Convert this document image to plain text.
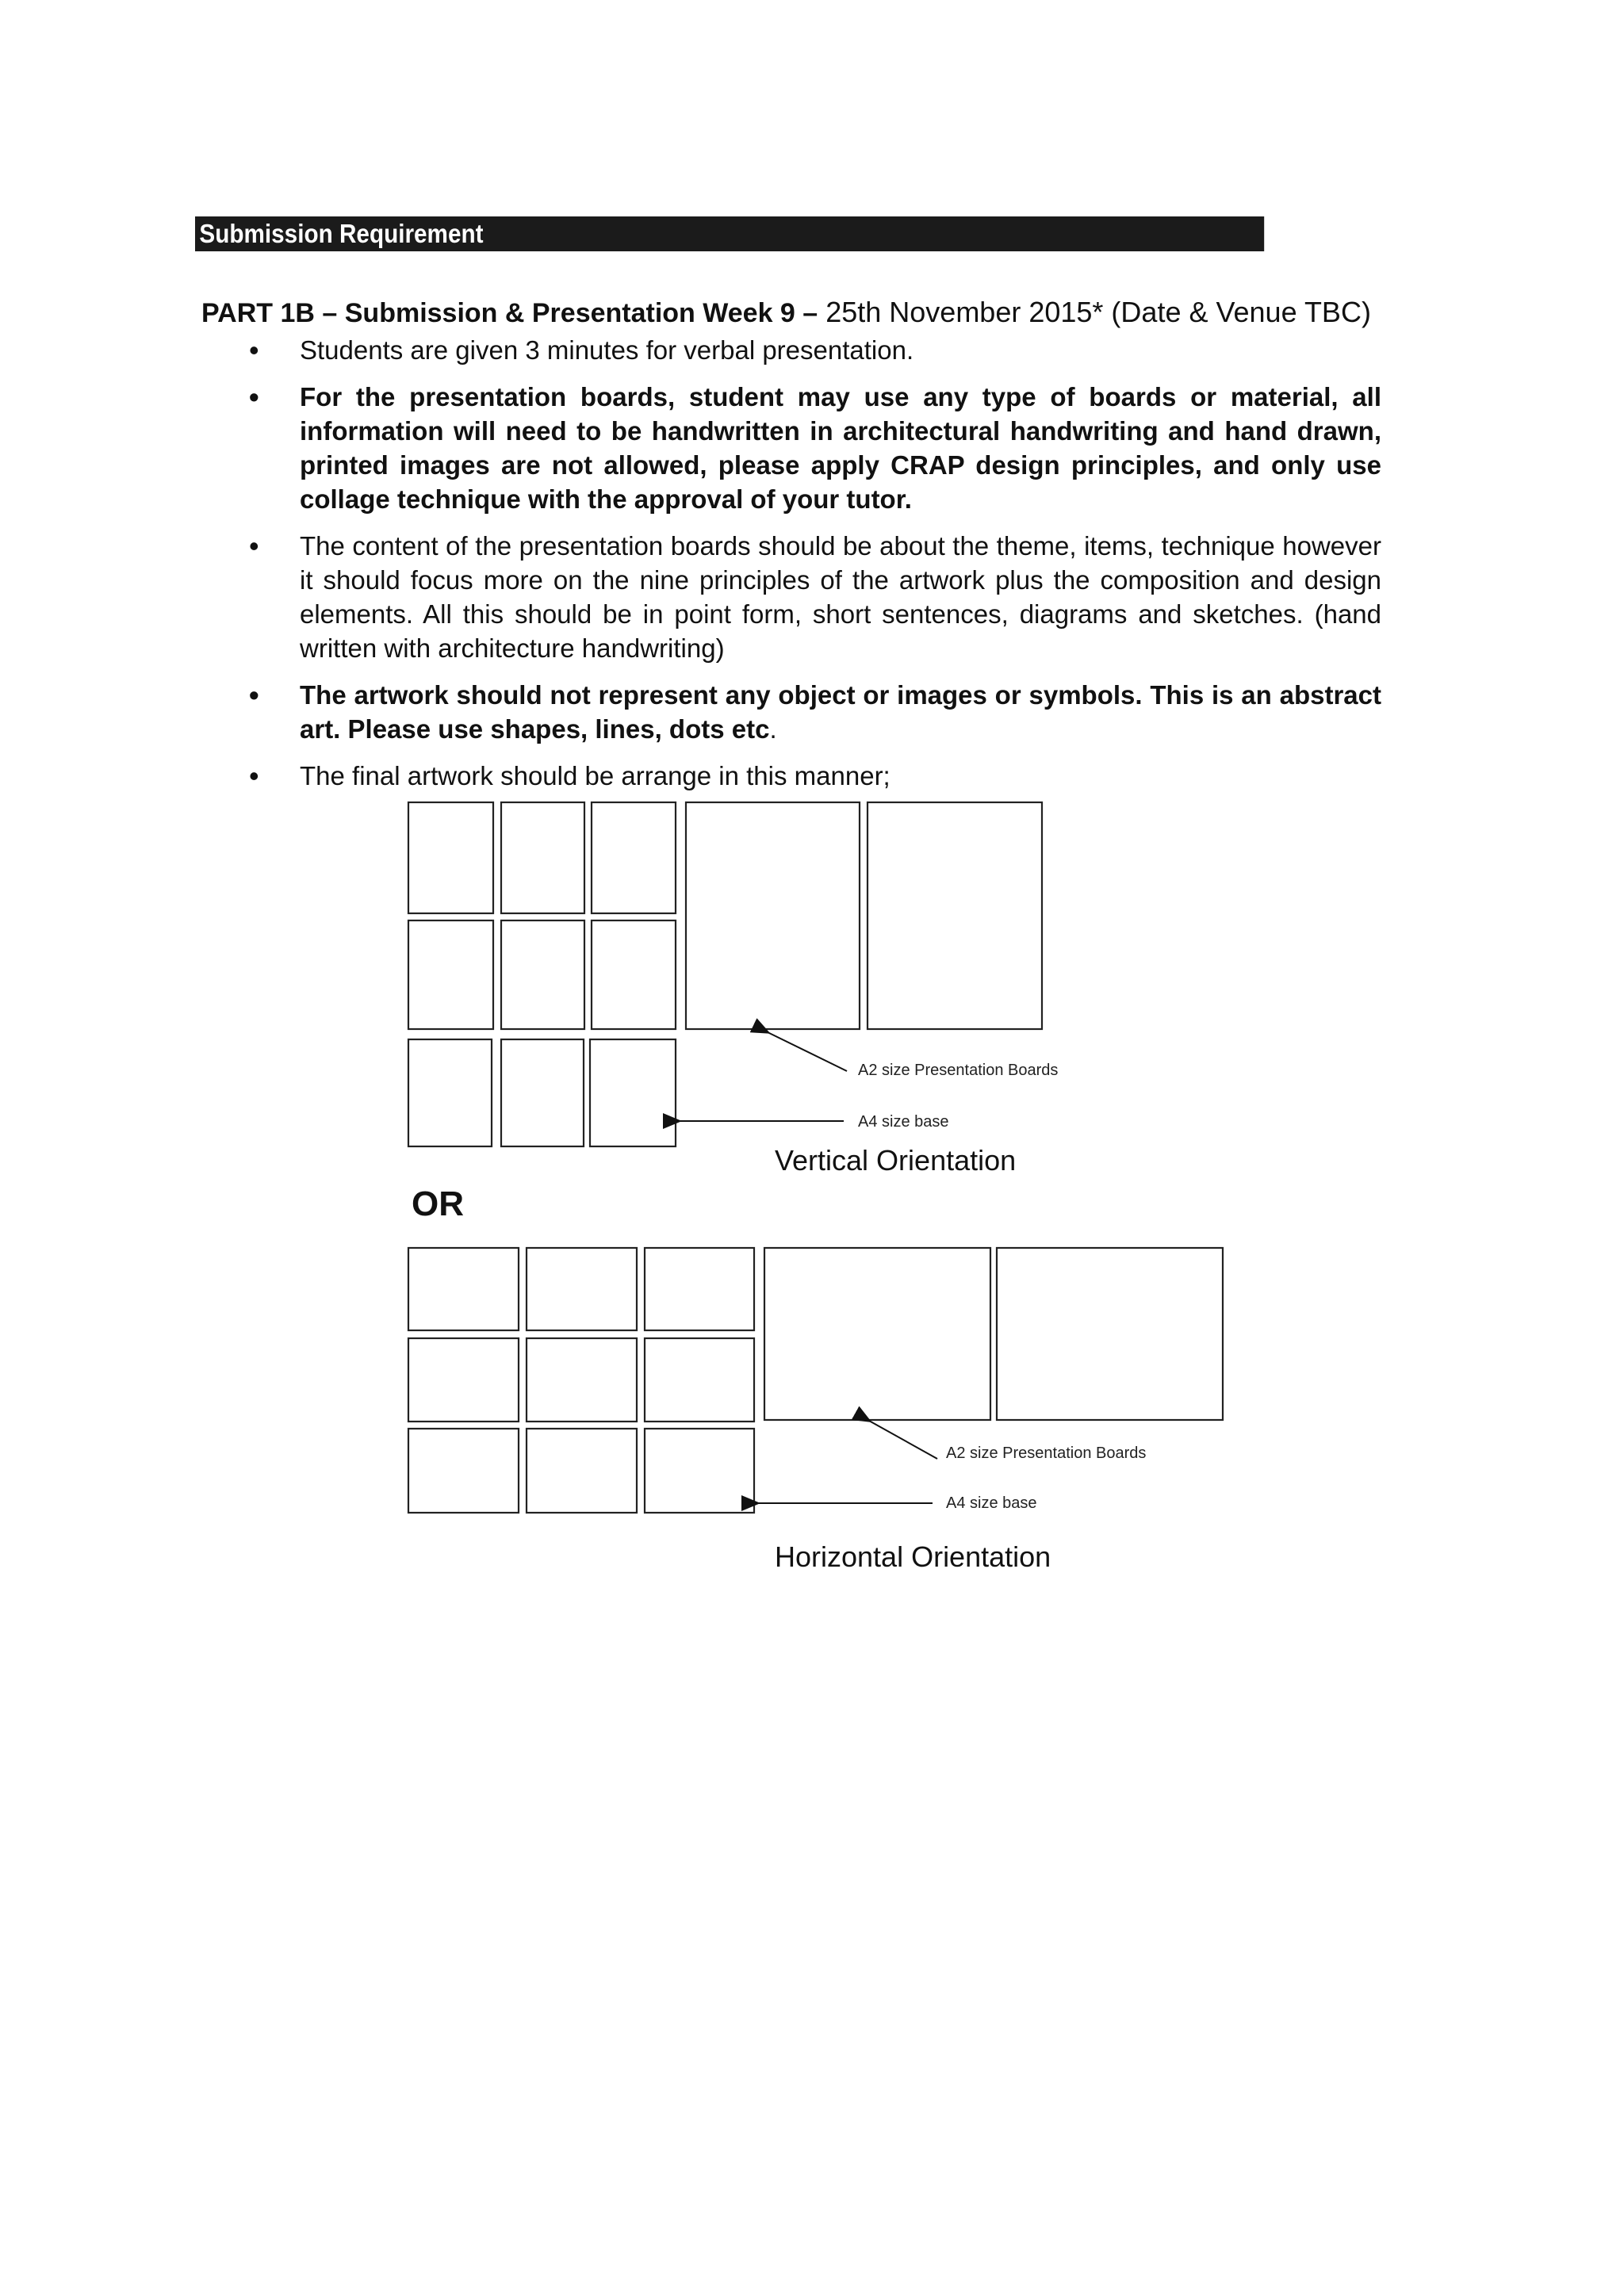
Submission Requirement
PART 1B – Submission & Presentation Week 9 – 25th November 2015* (Date & Venue TBC)
• Students are given 3 minutes for verbal presentation.
• For the presentation boards, student may use any type of boards or material, all information will need to be handwritten in architectural handwriting and hand drawn, printed images are not allowed, please apply CRAP design principles, and only use collage technique with the approval of your tutor.
• The content of the presentation boards should be about the theme, items, technique however it should focus more on the nine principles of the artwork plus the composition and design elements. All this should be in point form, short sentences, diagrams and sketches. (hand written with architecture handwriting)
• The artwork should not represent any object or images or symbols. This is an abstract art. Please use shapes, lines, dots etc.
• The final artwork should be arrange in this manner;
A2 size Presentation Boards
A4 size base
Vertical Orientation
OR
A2 size Presentation Boards
A4 size base
Horizontal Orientation
